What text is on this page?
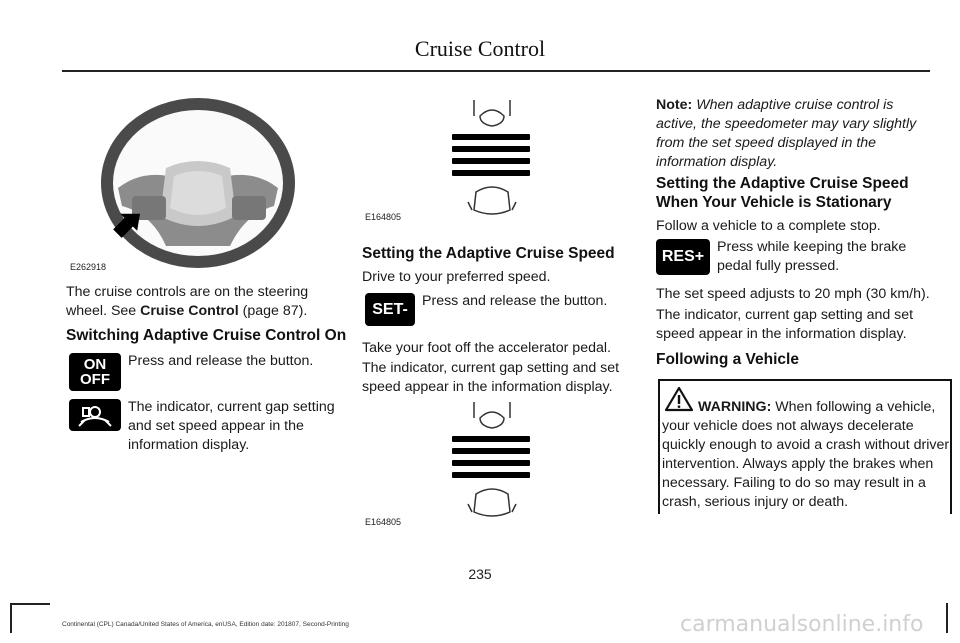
Cruise Control
E262918
The cruise controls are on the steering wheel. See Cruise Control (page 87).
Switching Adaptive Cruise Control On
ON
OFF
Press and release the button.
The indicator, current gap setting and set speed appear in the information display.
E164805
Setting the Adaptive Cruise Speed
Drive to your preferred speed.
SET-	Press and release the button.
Take your foot off the accelerator pedal.
The indicator, current gap setting and set speed appear in the information display.
E164805
Note: When adaptive cruise control is active, the speedometer may vary slightly from the set speed displayed in the information display.
Setting the Adaptive Cruise Speed When Your Vehicle is Stationary
Follow a vehicle to a complete stop.
RES+
Press while keeping the brake pedal fully pressed.
The set speed adjusts to 20 mph (30 km/h).
The indicator, current gap setting and set speed appear in the information display.
Following a Vehicle
WARNING: When following a vehicle, your vehicle does not always decelerate quickly enough to avoid a crash without driver intervention. Always apply the brakes when necessary. Failing to do so may result in a crash, serious injury or death.
235
Continental (CPL) Canada/United States of America, enUSA, Edition date: 201807, Second-Printing	carmanualsonline.info
